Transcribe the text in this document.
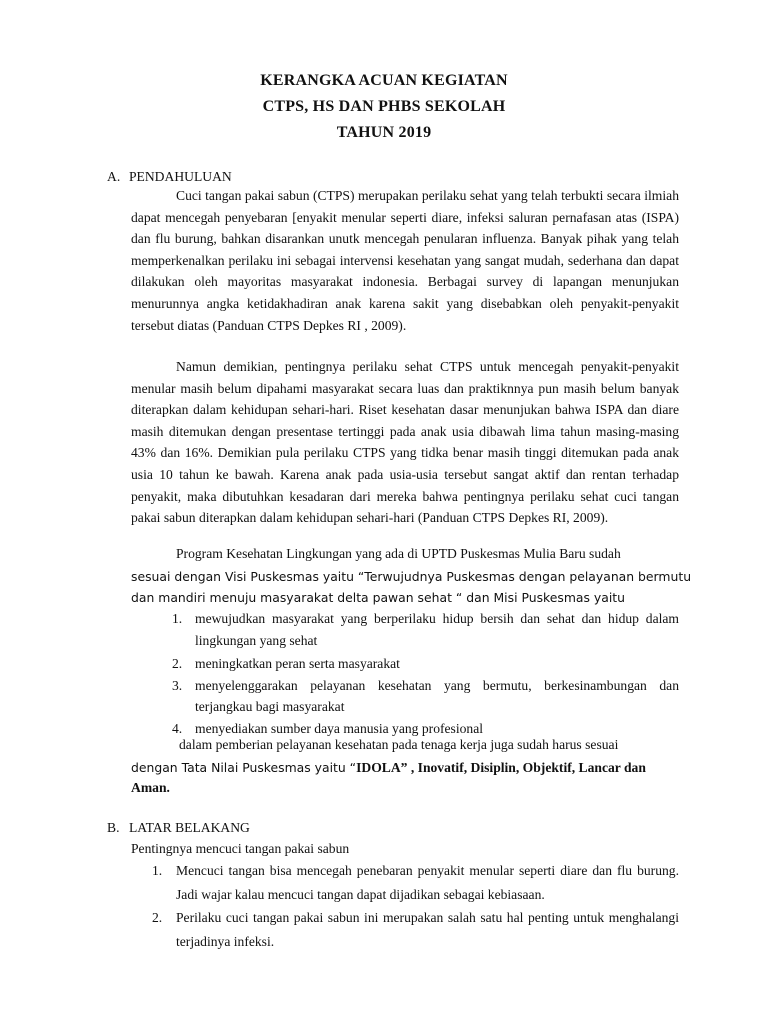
KERANGKA ACUAN KEGIATAN
CTPS, HS DAN PHBS SEKOLAH
TAHUN 2019
A. PENDAHULUAN

Cuci tangan pakai sabun (CTPS) merupakan perilaku sehat yang telah terbukti secara ilmiah dapat mencegah penyebaran [enyakit menular seperti diare, infeksi saluran pernafasan atas (ISPA) dan flu burung, bahkan disarankan unutk mencegah penularan influenza. Banyak pihak yang telah memperkenalkan perilaku ini sebagai intervensi kesehatan yang sangat mudah, sederhana dan dapat dilakukan oleh mayoritas masyarakat indonesia. Berbagai survey di lapangan menunjukan menurunnya angka ketidakhadiran anak karena sakit yang disebabkan oleh penyakit-penyakit tersebut diatas (Panduan CTPS Depkes RI , 2009).

Namun demikian, pentingnya perilaku sehat CTPS untuk mencegah penyakit-penyakit menular masih belum dipahami masyarakat secara luas dan praktiknnya pun masih belum banyak diterapkan dalam kehidupan sehari-hari. Riset kesehatan dasar menunjukan bahwa ISPA dan diare masih ditemukan dengan presentase tertinggi pada anak usia dibawah lima tahun masing-masing 43% dan 16%. Demikian pula perilaku CTPS yang tidka benar masih tinggi ditemukan pada anak usia 10 tahun ke bawah. Karena anak pada usia-usia tersebut sangat aktif dan rentan terhadap penyakit, maka dibutuhkan kesadaran dari mereka bahwa pentingnya perilaku sehat cuci tangan pakai sabun diterapkan dalam kehidupan sehari-hari (Panduan CTPS Depkes RI, 2009).

Program Kesehatan Lingkungan yang ada di UPTD Puskesmas Mulia Baru sudah
sesuai dengan Visi Puskesmas yaitu “Terwujudnya Puskesmas dengan pelayanan bermutu
dan mandiri menuju masyarakat delta pawan sehat “ dan Misi Puskesmas yaitu
1. mewujudkan masyarakat yang berperilaku hidup bersih dan sehat dan hidup dalam lingkungan yang sehat
2. meningkatkan peran serta masyarakat
3. menyelenggarakan pelayanan kesehatan yang bermutu, berkesinambungan dan terjangkau bagi masyarakat
4. menyediakan sumber daya manusia yang profesional
dalam pemberian pelayanan kesehatan pada tenaga kerja juga sudah harus sesuai
dengan Tata Nilai Puskesmas yaitu “IDOLA” , Inovatif, Disiplin, Objektif, Lancar dan
Aman.
B. LATAR BELAKANG
Pentingnya mencuci tangan pakai sabun
1. Mencuci tangan bisa mencegah penebaran penyakit menular seperti diare dan flu burung. Jadi wajar kalau mencuci tangan dapat dijadikan sebagai kebiasaan.
2. Perilaku cuci tangan pakai sabun ini merupakan salah satu hal penting untuk menghalangi terjadinya infeksi.
